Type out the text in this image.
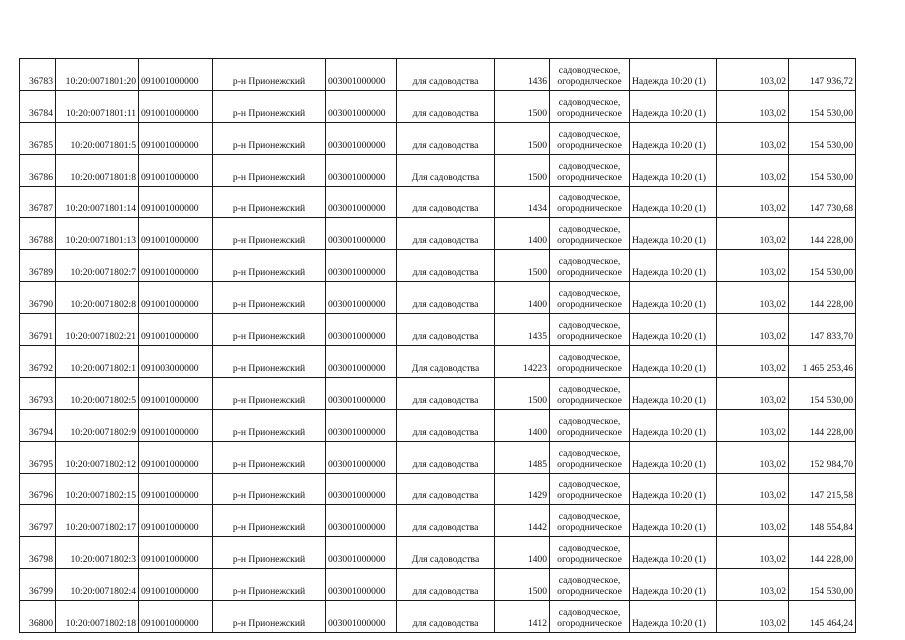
36783	10:20:0071801:20	091001000000	р-н Прионежский	003001000000	для садоводства	1436	садоводческое,
огороднлческое	Надежда 10:20 (1)	103,02	147 936,72
36784	10:20:0071801:11	091001000000	р-н Прионежский	003001000000	для садоводства	1500	садоводческое,
огородническое	Надежда 10:20 (1)	103,02	154 530,00
36785	10:20:0071801:5	091001000000	р-н Прионежский	003001000000	для садоводства	1500	садоводческое,
огородническое	Надежда 10:20 (1)	103,02	154 530,00
36786	10:20:0071801:8	091001000000	р-н Прионежский	003001000000	Для садоводства	1500	садоводческое,
огородническое	Надежда 10:20 (1)	103,02	154 530,00
36787	10:20:0071801:14	091001000000	р-н Прионежский	003001000000	для садоводства	1434	садоводческое,
огородническое	Надежда 10:20 (1)	103,02	147 730,68
36788	10:20:0071801:13	091001000000	р-н Прионежский	003001000000	для садоводства	1400	садоводческое,
огородническое	Надежда 10:20 (1)	103,02	144 228,00
36789	10:20:0071802:7	091001000000	р-н Прионежский	003001000000	для садоводства	1500	садоводческое,
огородническое	Надежда 10:20 (1)	103,02	154 530,00
36790	10:20:0071802:8	091001000000	р-н Прионежский	003001000000	для садоводства	1400	садоводческое,
огородническое	Надежда 10:20 (1)	103,02	144 228,00
36791	10:20:0071802:21	091001000000	р-н Прионежский	003001000000	для садоводства	1435	садоводческое,
огородническое	Надежда 10:20 (1)	103,02	147 833,70
36792	10:20:0071802:1	091003000000	р-н Прионежский	003001000000	Для садоводства	14223	садоводческое,
огородническое	Надежда 10:20 (1)	103,02	1 465 253,46
36793	10:20:0071802:5	091001000000	р-н Прионежский	003001000000	для садоводства	1500	садоводческое,
огородническое	Надежда 10:20 (1)	103,02	154 530,00
36794	10:20:0071802:9	091001000000	р-н Прионежский	003001000000	для садоводства	1400	садоводческое,
огородническое	Надежда 10:20 (1)	103,02	144 228,00
36795	10:20:0071802:12	091001000000	р-н Прионежский	003001000000	для садоводства	1485	садоводческое,
огородническое	Надежда 10:20 (1)	103,02	152 984,70
36796	10:20:0071802:15	091001000000	р-н Прионежский	003001000000	для садоводства	1429	садоводческое,
огородническое	Надежда 10:20 (1)	103,02	147 215,58
36797	10:20:0071802:17	091001000000	р-н Прионежский	003001000000	для садоводства	1442	садоводческое,
огородническое	Надежда 10:20 (1)	103,02	148 554,84
36798	10:20:0071802:3	091001000000	р-н Прионежский	003001000000	Для садоводства	1400	садоводческое,
огородническое	Надежда 10:20 (1)	103,02	144 228,00
36799	10:20:0071802:4	091001000000	р-н Прионежский	003001000000	для садоводства	1500	садоводческое,
огородническое	Надежда 10:20 (1)	103,02	154 530,00
36800	10:20:0071802:18	091001000000	р-н Прионежский	003001000000	для садоводства	1412	садоводческое,
огородническое	Надежда 10:20 (1)	103,02	145 464,24
